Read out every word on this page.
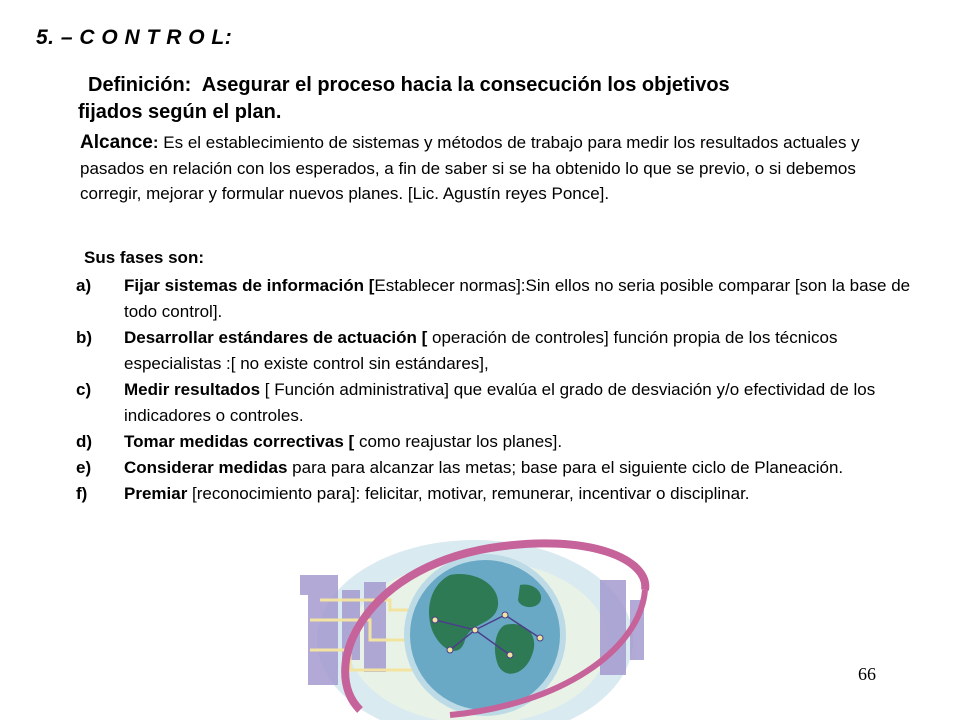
5. – C O N T R O L:
Definición: Asegurar el proceso hacia la consecución los objetivos
fijados según el plan.
Alcance: Es el establecimiento de sistemas y métodos de trabajo para medir los resultados actuales y pasados en relación con los esperados, a fin de saber si se ha obtenido lo que se previo, o si debemos corregir, mejorar y formular nuevos planes. [Lic. Agustín reyes Ponce].
Sus fases son:
a)	Fijar sistemas de información [Establecer normas]:Sin ellos no seria posible comparar [son la base de todo control].
b)	Desarrollar estándares de actuación [ operación de controles] función propia de los técnicos especialistas :[ no existe control sin estándares],
c)	Medir resultados [ Función administrativa] que evalúa el grado de desviación y/o efectividad de los indicadores o controles.
d)	Tomar medidas correctivas [ como reajustar los planes].
e)	Considerar medidas para para alcanzar las metas; base para el siguiente ciclo de Planeación.
f)	Premiar [reconocimiento para]: felicitar, motivar, remunerar, incentivar o disciplinar.
66
